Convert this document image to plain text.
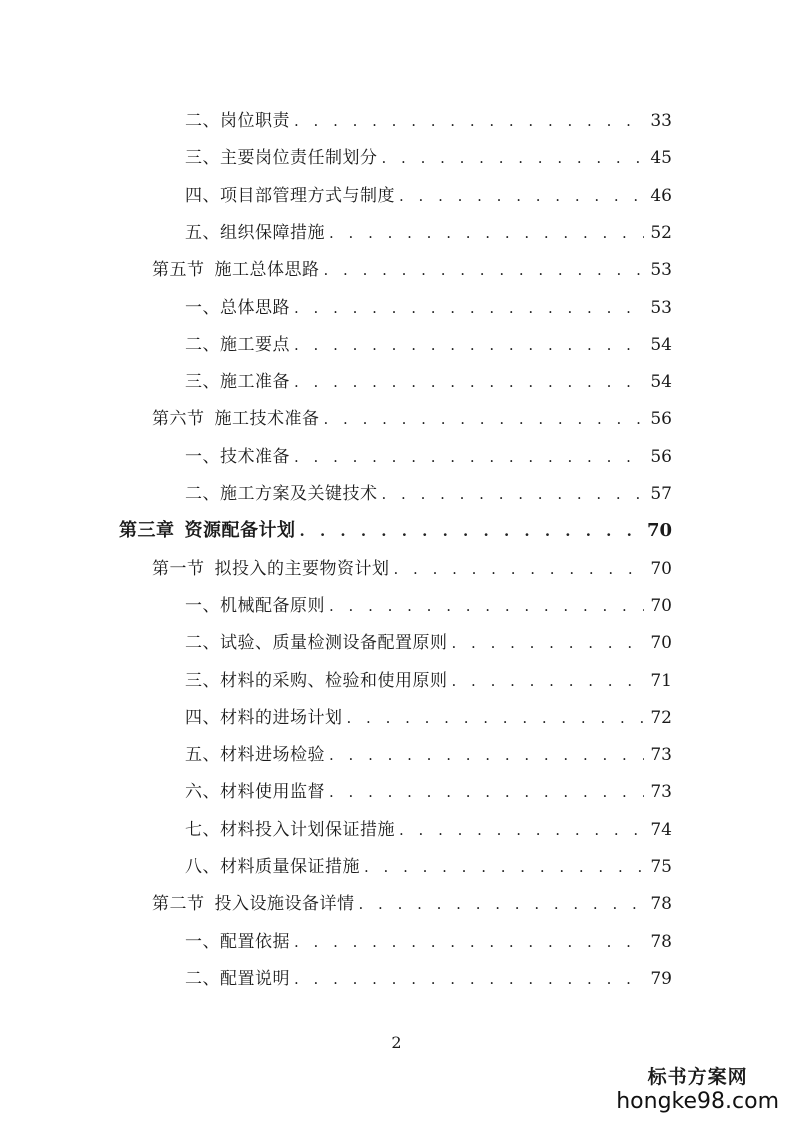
二、岗位职责 . . .	33
三、主要岗位责任制划分 . . .	45
四、项目部管理方式与制度 . . .	46
五、组织保障措施 . . .	52
第五节 施工总体思路 . . .	53
一、总体思路 . . .	53
二、施工要点 . . .	54
三、施工准备 . . .	54
第六节 施工技术准备 . . .	56
一、技术准备 . . .	56
二、施工方案及关键技术 . . .	57
第三章 资源配备计划 . . .	70
第一节 拟投入的主要物资计划 . . .	70
一、机械配备原则 . . .	70
二、试验、质量检测设备配置原则 . . .	70
三、材料的采购、检验和使用原则 . . .	71
四、材料的进场计划 . . .	72
五、材料进场检验 . . .	73
六、材料使用监督 . . .	73
七、材料投入计划保证措施 . . .	74
八、材料质量保证措施 . . .	75
第二节 投入设施设备详情 . . .	78
一、配置依据 . . .	78
二、配置说明 . . .	79
2
标书方案网
hongke98.com
